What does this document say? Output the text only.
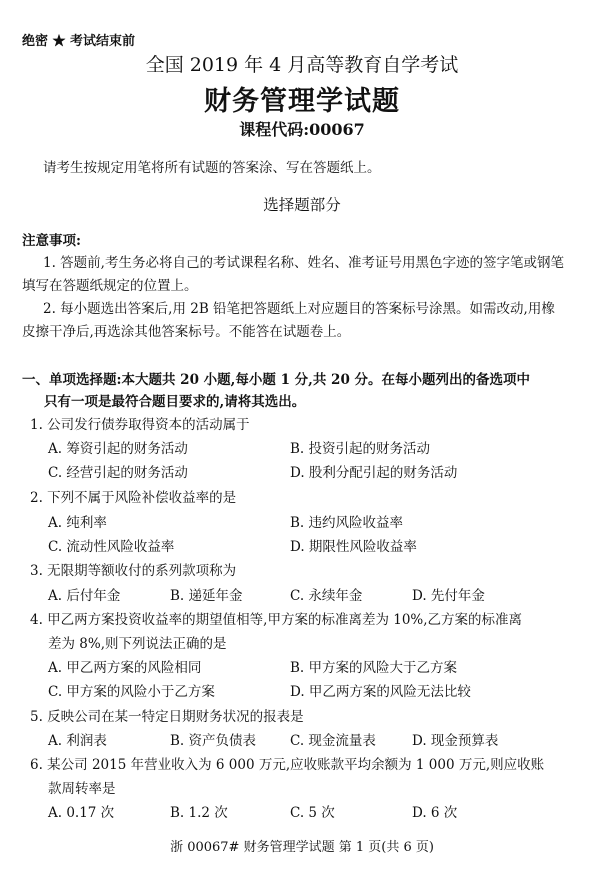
绝密 ★ 考试结束前
全国 2019 年 4 月高等教育自学考试
财务管理学试题
课程代码:00067
请考生按规定用笔将所有试题的答案涂、写在答题纸上。
选择题部分
注意事项:
1. 答题前,考生务必将自己的考试课程名称、姓名、准考证号用黑色字迹的签字笔或钢笔
填写在答题纸规定的位置上。
2. 每小题选出答案后,用 2B 铅笔把答题纸上对应题目的答案标号涂黑。如需改动,用橡
皮擦干净后,再选涂其他答案标号。不能答在试题卷上。
一、单项选择题:本大题共 20 小题,每小题 1 分,共 20 分。在每小题列出的备选项中
只有一项是最符合题目要求的,请将其选出。
1. 公司发行债券取得资本的活动属于
A. 筹资引起的财务活动	B. 投资引起的财务活动
C. 经营引起的财务活动	D. 股利分配引起的财务活动
2. 下列不属于风险补偿收益率的是
A. 纯利率	B. 违约风险收益率
C. 流动性风险收益率	D. 期限性风险收益率
3. 无限期等额收付的系列款项称为
A. 后付年金	B. 递延年金	C. 永续年金	D. 先付年金
4. 甲乙两方案投资收益率的期望值相等,甲方案的标准离差为 10%,乙方案的标准离
差为 8%,则下列说法正确的是
A. 甲乙两方案的风险相同	B. 甲方案的风险大于乙方案
C. 甲方案的风险小于乙方案	D. 甲乙两方案的风险无法比较
5. 反映公司在某一特定日期财务状况的报表是
A. 利润表	B. 资产负债表	C. 现金流量表	D. 现金预算表
6. 某公司 2015 年营业收入为 6 000 万元,应收账款平均余额为 1 000 万元,则应收账
款周转率是
A. 0.17 次	B. 1.2 次	C. 5 次	D. 6 次
浙 00067# 财务管理学试题 第 1 页(共 6 页)
